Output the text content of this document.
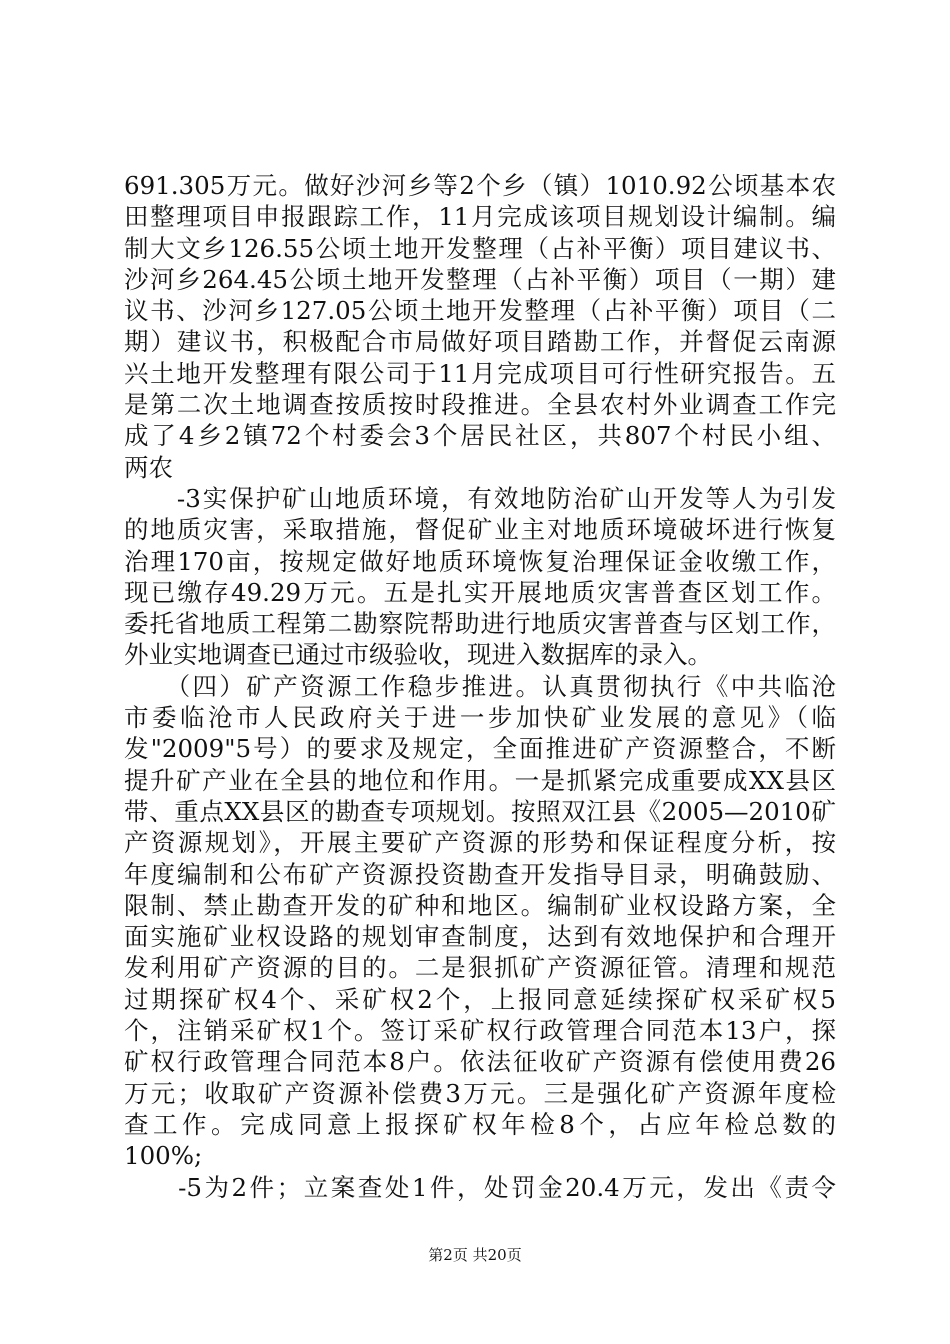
691.305万元。做好沙河乡等2个乡（镇）1010.92公顷基本农
田整理项目申报跟踪工作，11月完成该项目规划设计编制。编
制大文乡126.55公顷土地开发整理（占补平衡）项目建议书、
沙河乡264.45公顷土地开发整理（占补平衡）项目（一期）建
议书、沙河乡127.05公顷土地开发整理（占补平衡）项目（二
期）建议书，积极配合市局做好项目踏勘工作，并督促云南源
兴土地开发整理有限公司于11月完成项目可行性研究报告。五
是第二次土地调查按质按时段推进。全县农村外业调查工作完
成了4乡2镇72个村委会3个居民社区，共807个村民小组、
两农
　　-3实保护矿山地质环境，有效地防治矿山开发等人为引发
的地质灾害，采取措施，督促矿业主对地质环境破坏进行恢复
治理170亩，按规定做好地质环境恢复治理保证金收缴工作，
现已缴存49.29万元。五是扎实开展地质灾害普查区划工作。
委托省地质工程第二勘察院帮助进行地质灾害普查与区划工作，
外业实地调查已通过市级验收，现进入数据库的录入。
　　（四）矿产资源工作稳步推进。认真贯彻执行《中共临沧
市委临沧市人民政府关于进一步加快矿业发展的意见》（临
发"2009"5号）的要求及规定，全面推进矿产资源整合，不断
提升矿产业在全县的地位和作用。一是抓紧完成重要成XX县区
带、重点XX县区的勘查专项规划。按照双江县《2005—2010矿
产资源规划》，开展主要矿产资源的形势和保证程度分析，按
年度编制和公布矿产资源投资勘查开发指导目录，明确鼓励、
限制、禁止勘查开发的矿种和地区。编制矿业权设路方案，全
面实施矿业权设路的规划审查制度，达到有效地保护和合理开
发利用矿产资源的目的。二是狠抓矿产资源征管。清理和规范
过期探矿权4个、采矿权2个，上报同意延续探矿权采矿权5
个，注销采矿权1个。签订采矿权行政管理合同范本13户，探
矿权行政管理合同范本8户。依法征收矿产资源有偿使用费26
万元；收取矿产资源补偿费3万元。三是强化矿产资源年度检
查工作。完成同意上报探矿权年检8个，占应年检总数的
100%;
　　-5为2件；立案查处1件，处罚金20.4万元，发出《责令
第2页 共20页
